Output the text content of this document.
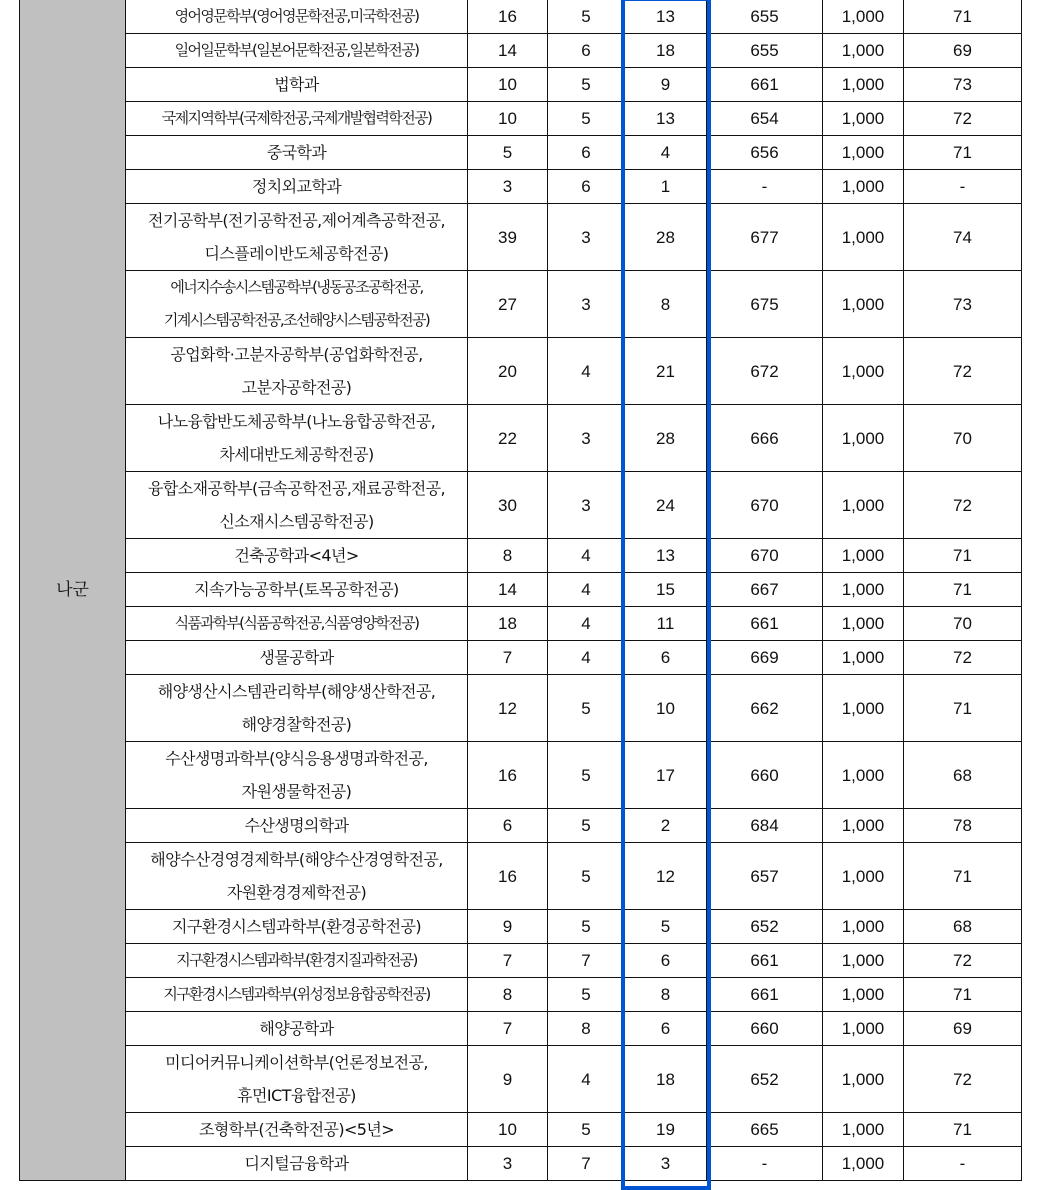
나군	영어영문학부(영어영문학전공,미국학전공)	16	5	13	655	1,000	71
	일어일문학부(일본어문학전공,일본학전공)	14	6	18	655	1,000	69
	법학과	10	5	9	661	1,000	73
	국제지역학부(국제학전공,국제개발협력학전공)	10	5	13	654	1,000	72
	중국학과	5	6	4	656	1,000	71
	정치외교학과	3	6	1	-	1,000	-
	전기공학부(전기공학전공,제어계측공학전공,디스플레이반도체공학전공)	39	3	28	677	1,000	74
	에너지수송시스템공학부(냉동공조공학전공,기계시스템공학전공,조선해양시스템공학전공)	27	3	8	675	1,000	73
	공업화학·고분자공학부(공업화학전공,고분자공학전공)	20	4	21	672	1,000	72
	나노융합반도체공학부(나노융합공학전공,차세대반도체공학전공)	22	3	28	666	1,000	70
	융합소재공학부(금속공학전공,재료공학전공,신소재시스템공학전공)	30	3	24	670	1,000	72
	건축공학과<4년>	8	4	13	670	1,000	71
	지속가능공학부(토목공학전공)	14	4	15	667	1,000	71
	식품과학부(식품공학전공,식품영양학전공)	18	4	11	661	1,000	70
	생물공학과	7	4	6	669	1,000	72
	해양생산시스템관리학부(해양생산학전공,해양경찰학전공)	12	5	10	662	1,000	71
	수산생명과학부(양식응용생명과학전공,자원생물학전공)	16	5	17	660	1,000	68
	수산생명의학과	6	5	2	684	1,000	78
	해양수산경영경제학부(해양수산경영학전공,자원환경경제학전공)	16	5	12	657	1,000	71
	지구환경시스템과학부(환경공학전공)	9	5	5	652	1,000	68
	지구환경시스템과학부(환경지질과학전공)	7	7	6	661	1,000	72
	지구환경시스템과학부(위성정보융합공학전공)	8	5	8	661	1,000	71
	해양공학과	7	8	6	660	1,000	69
	미디어커뮤니케이션학부(언론정보전공,휴먼ICT융합전공)	9	4	18	652	1,000	72
	조형학부(건축학전공)<5년>	10	5	19	665	1,000	71
	디지털금융학과	3	7	3	-	1,000	-
